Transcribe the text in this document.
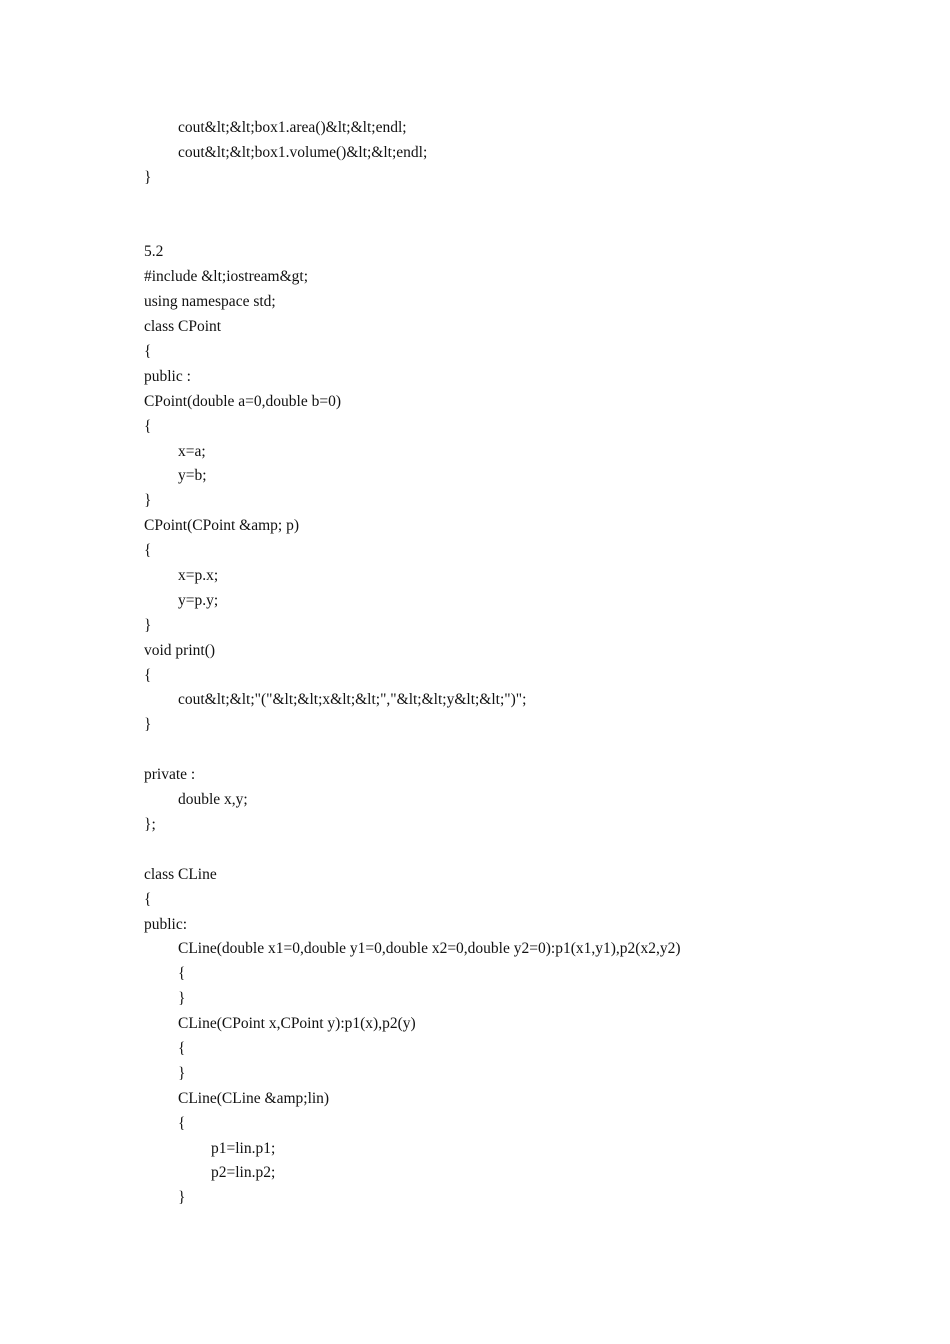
cout&lt;&lt;box1.area()&lt;&lt;endl;
cout&lt;&lt;box1.volume()&lt;&lt;endl;
}
5.2
#include &lt;iostream&gt;
using namespace std;
class CPoint
{
public :
CPoint(double a=0,double b=0)
{
x=a;
y=b;
}
CPoint(CPoint &amp; p)
{
x=p.x;
y=p.y;
}
void print()
{
cout&lt;&lt;"("&lt;&lt;x&lt;&lt;","&lt;&lt;y&lt;&lt;")";
}
private :
double x,y;
};
class CLine
{
public:
CLine(double x1=0,double y1=0,double x2=0,double y2=0):p1(x1,y1),p2(x2,y2)
{
}
CLine(CPoint x,CPoint y):p1(x),p2(y)
{
}
CLine(CLine &amp;lin)
{
p1=lin.p1;
p2=lin.p2;
}
